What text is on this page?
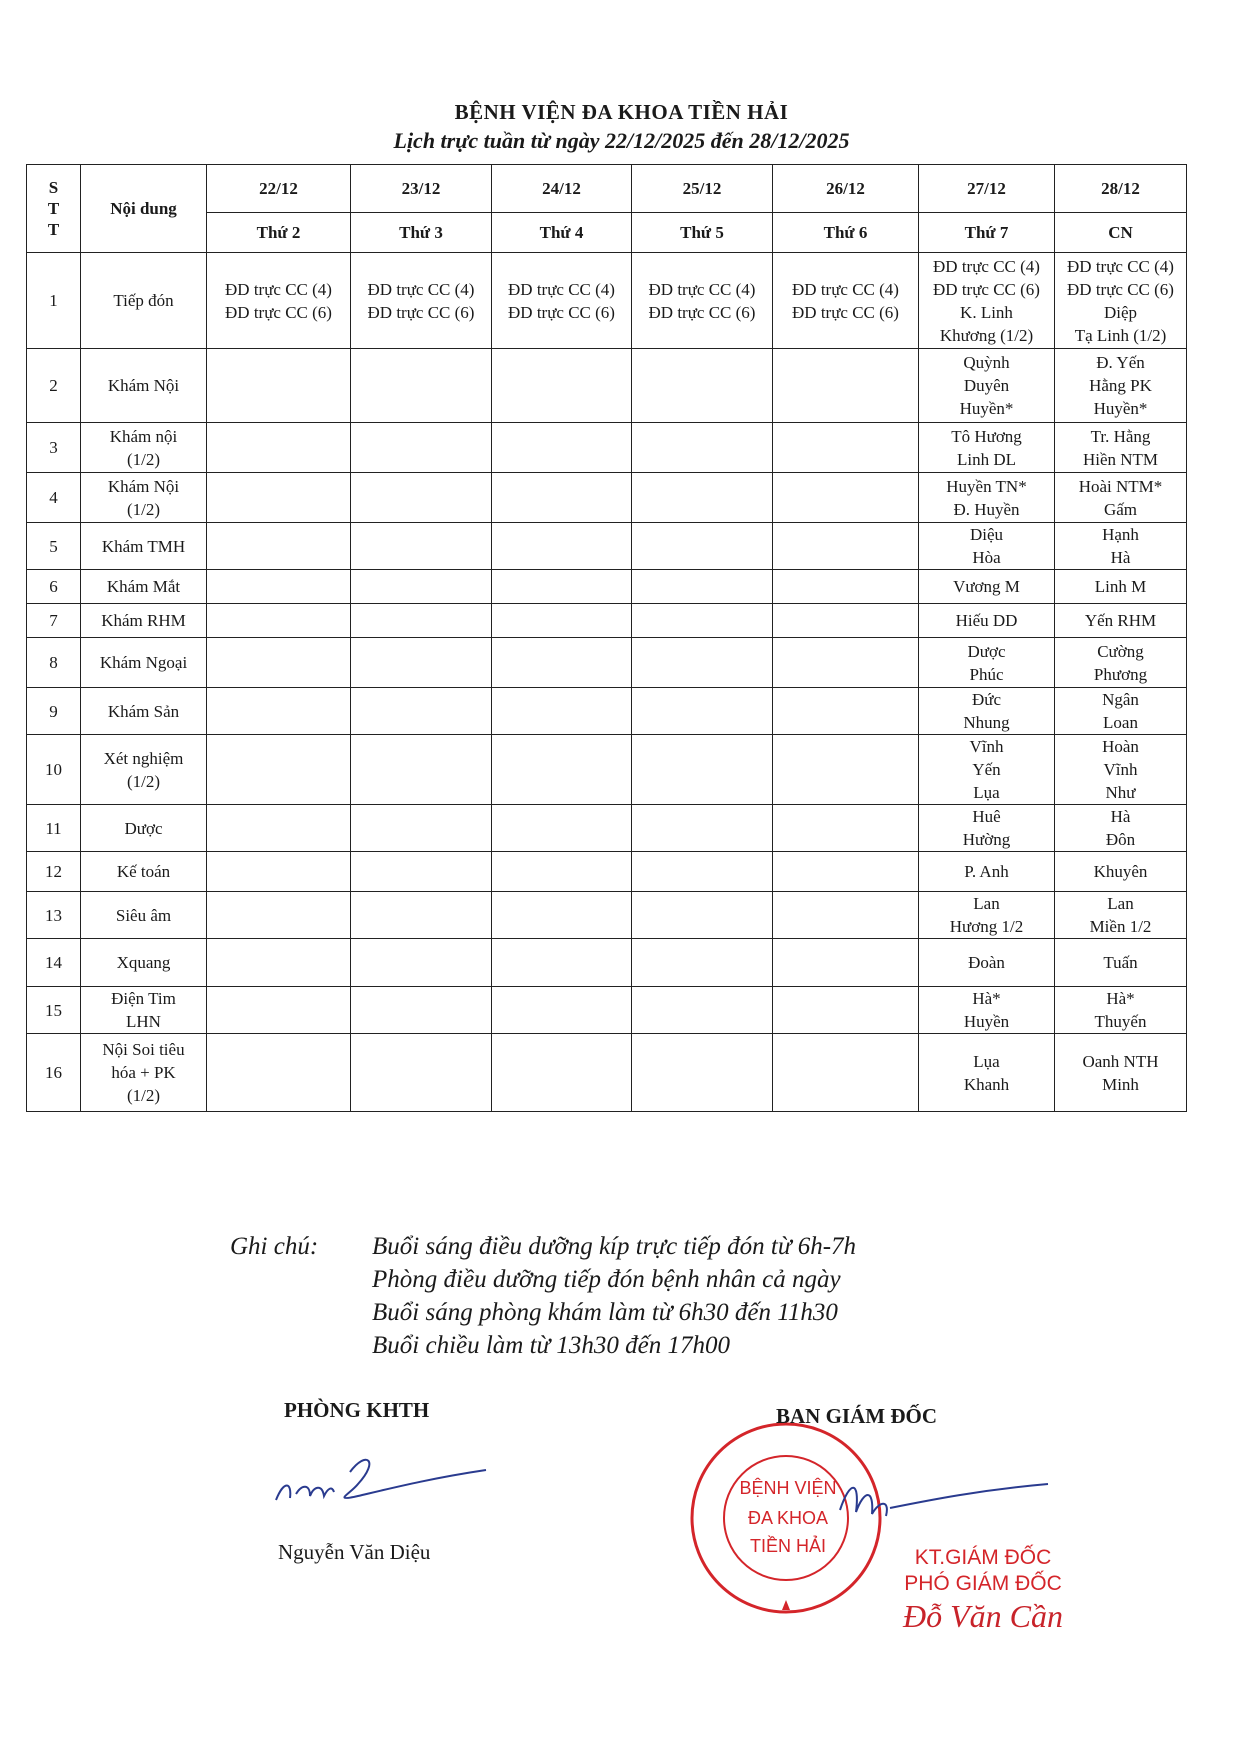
BỆNH VIỆN ĐA KHOA TIỀN HẢI
Lịch trực tuần từ ngày 22/12/2025 đến 28/12/2025
S
T
T	Nội dung	22/12	23/12	24/12	25/12	26/12	27/12	28/12
		Thứ 2	Thứ 3	Thứ 4	Thứ 5	Thứ 6	Thứ 7	CN
1	Tiếp đón	ĐD trực CC (4)
ĐD trực CC (6)	ĐD trực CC (4)
ĐD trực CC (6)	ĐD trực CC (4)
ĐD trực CC (6)	ĐD trực CC (4)
ĐD trực CC (6)	ĐD trực CC (4)
ĐD trực CC (6)	ĐD trực CC (4)
ĐD trực CC (6)
K. Linh
Khương (1/2)	ĐD trực CC (4)
ĐD trực CC (6)
Diệp
Tạ Linh (1/2)

2	Khám Nội						Quỳnh
Duyên
Huyền*	Đ. Yến
Hằng PK
Huyền*

3	Khám nội
(1/2)						Tô Hương
Linh DL	Tr. Hằng
Hiền NTM

4	Khám Nội
(1/2)						Huyền TN*
Đ. Huyền	Hoài NTM*
Gấm

5	Khám TMH						Diệu
Hòa	Hạnh
Hà

6	Khám Mắt						Vương M	Linh M

7	Khám RHM						Hiếu DD	Yến RHM

8	Khám Ngoại						Dược
Phúc	Cường
Phương

9	Khám Sản						Đức
Nhung	Ngân
Loan

10	Xét nghiệm
(1/2)						Vĩnh
Yến
Lụa	Hoàn
Vĩnh
Như

11	Dược						Huê
Hường	Hà
Đôn

12	Kế toán						P. Anh	Khuyên

13	Siêu âm						Lan
Hương 1/2	Lan
Miền 1/2

14	Xquang						Đoàn	Tuấn

15	Điện Tim
LHN						Hà*
Huyền	Hà*
Thuyến

16	Nội Soi tiêu
hóa + PK
(1/2)						Lụa
Khanh	Oanh NTH
Minh
Ghi chú:	Buổi sáng điều dưỡng kíp trực tiếp đón từ 6h-7h
Phòng điều dưỡng tiếp đón bệnh nhân cả ngày
Buổi sáng phòng khám làm từ 6h30 đến 11h30
Buổi chiều làm từ 13h30 đến 17h00
PHÒNG KHTH
Nguyễn Văn Diệu
BỆNH VIỆN
ĐA KHOA
TIỀN HẢI
BAN GIÁM ĐỐC
KT.GIÁM ĐỐC
PHÓ GIÁM ĐỐC
Đỗ Văn Cần
